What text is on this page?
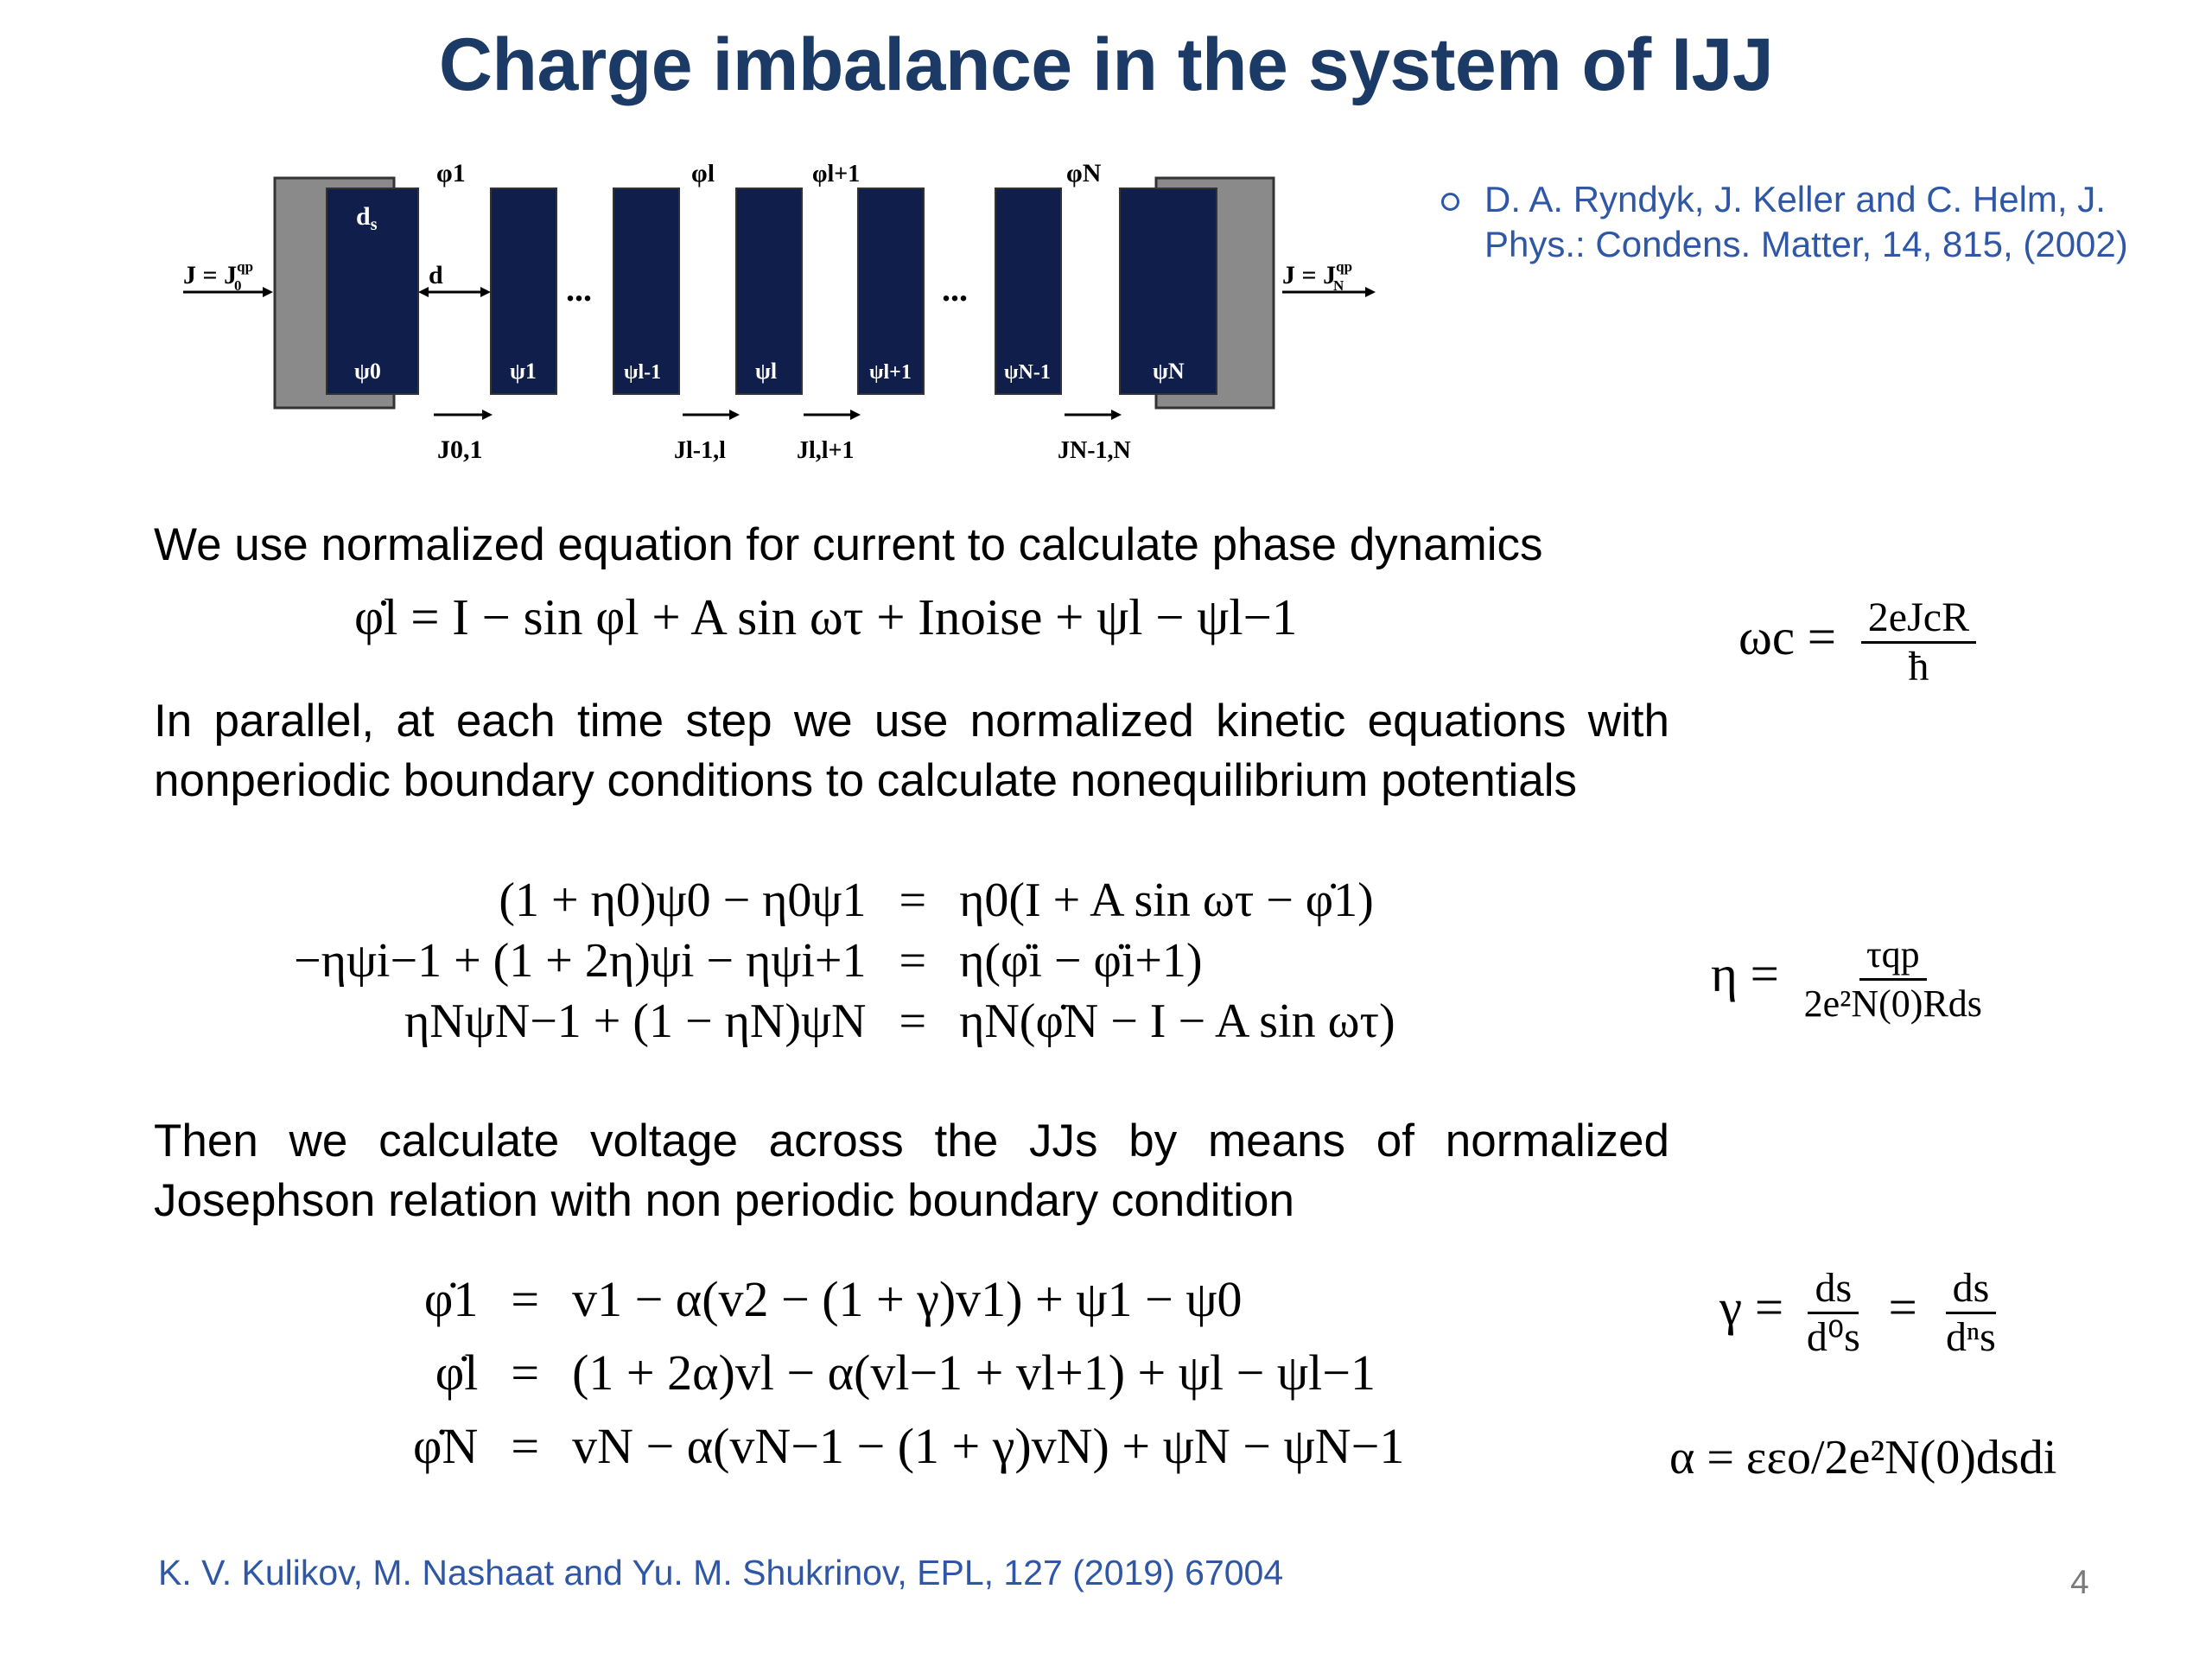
Charge imbalance in the system of IJJ
$d_s$
ψ0	ψ1	ψl-1	ψl	ψl+1	ψN-1	ψN
φ1	φl	φl+1	φN
d	...	...
$J = J^{qp}$ 0	$J = J^{qp}$ N
J0,1	Jl-1,l	Jl,l+1	JN-1,N
D. A. Ryndyk, J. Keller and C. Helm, J. Phys.: Condens. Matter, 14, 815, (2002)
We use normalized equation for current to calculate phase dynamics
φ̇l = I − sin φl + A sin ωτ + Inoise + ψl − ψl−1	$\omega c = \frac{\text{2eJcR}}{ħ}$
In parallel, at each time step we use normalized kinetic equations with nonperiodic boundary conditions to calculate nonequilibrium potentials
(1 + η0)ψ0 − η0ψ1 = η0(I + A sin ωτ − φ̇1)
−ηψi−1 + (1 + 2η)ψi − ηψi+1 = η(φ̇i − φ̇i+1)
ηNψN−1 + (1 − ηN)ψN = ηN(φ̇N − I − A sin ωτ)
$\eta = \frac{\text{τqp}}{\text{2e²N(0)Rds}}$
Then we calculate voltage across the JJs by means of normalized Josephson relation with non periodic boundary condition
φ̇1 = v1 − α(v2 − (1 + γ)v1) + ψ1 − ψ0
φ̇l = (1 + 2α)vl − α(vl−1 + vl+1) + ψl − ψl−1
φ̇N = vN − α(vN−1 − (1 + γ)vN) + ψN − ψN−1
$\gamma = \frac{ds}{\text{d⁰s}} = \frac{ds}{\text{dⁿs}}$
α = εεo/2e²N(0)dsdi
K. V. Kulikov, M. Nashaat and Yu. M. Shukrinov, EPL, 127 (2019) 67004	4
